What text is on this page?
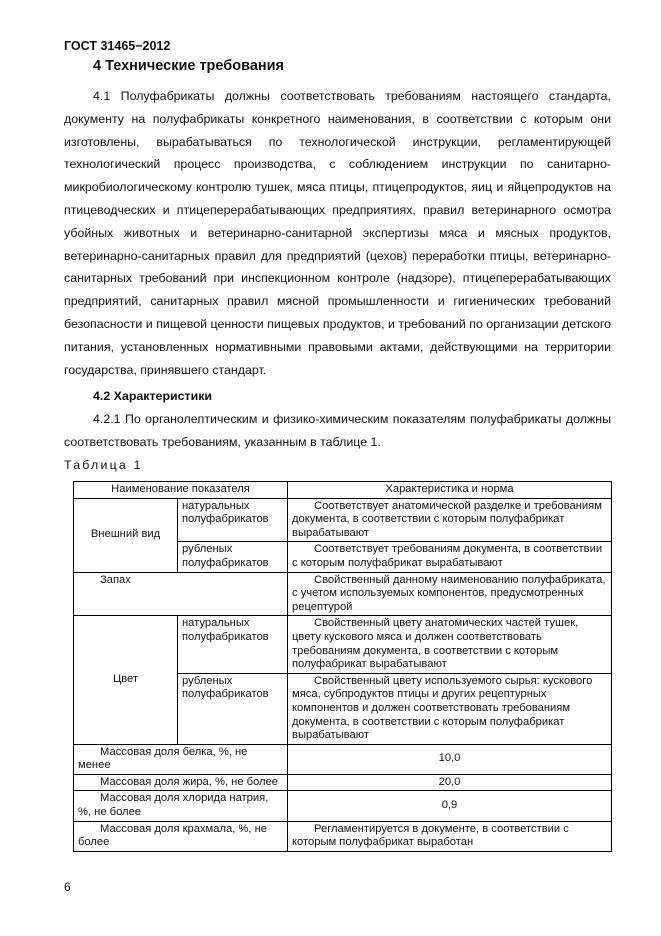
ГОСТ 31465−2012
4 Технические требования
4.1 Полуфабрикаты должны соответствовать требованиям настоящего стандарта, документу на полуфабрикаты конкретного наименования, в соответствии с которым они изготовлены, вырабатываться по технологической инструкции, регламентирующей технологический процесс производства, с соблюдением инструкции по санитарно-микробиологическому контролю тушек, мяса птицы, птицепродуктов, яиц и яйцепродуктов на птицеводческих и птицеперерабатывающих предприятиях, правил ветеринарного осмотра убойных животных и ветеринарно-санитарной экспертизы мяса и мясных продуктов, ветеринарно-санитарных правил для предприятий (цехов) переработки птицы, ветеринарно-санитарных требований при инспекционном контроле (надзоре), птицеперерабатывающих предприятий, санитарных правил мясной промышленности и гигиенических требований безопасности и пищевой ценности пищевых продуктов, и требований по организации детского питания, установленных нормативными правовыми актами, действующими на территории государства, принявшего стандарт.
4.2 Характеристики
4.2.1 По органолептическим и физико-химическим показателям полуфабрикаты должны соответствовать требованиям, указанным в таблице 1.
Таблица 1
Наименование показателя		Характеристика и норма
Внешний вид	натуральных полуфабрикатов	Соответствует анатомической разделке и требованиям документа, в соответствии с которым полуфабрикат вырабатывают
	рубленых полуфабрикатов	Соответствует требованиям документа, в соответствии с которым полуфабрикат вырабатывают
Запах		Свойственный данному наименованию полуфабриката, с учетом используемых компонентов, предусмотренных рецептурой
Цвет	натуральных полуфабрикатов	Свойственный цвету анатомических частей тушек, цвету кускового мяса и должен соответствовать требованиям документа, в соответствии с которым полуфабрикат вырабатывают
	рубленых полуфабрикатов	Свойственный цвету используемого сырья: кускового мяса, субпродуктов птицы и других рецептурных компонентов и должен соответствовать требованиям документа, в соответствии с которым полуфабрикат вырабатывают
Массовая доля белка, %, не менее		10,0
Массовая доля жира, %, не более		20,0
Массовая доля хлорида натрия, %, не более		0,9
Массовая доля крахмала, %, не более		Регламентируется в документе, в соответствии с которым полуфабрикат выработан
6
